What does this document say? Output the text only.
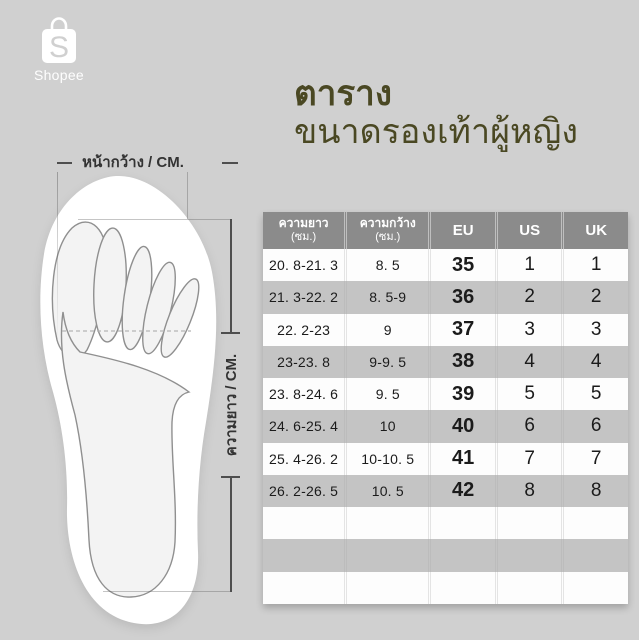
S
Shopee	ตาราง
ขนาดรองเท้าผู้หญิง
หน้ากว้าง / CM.
ความยาว / CM.
ความยาว
(ซม.)
ความกว้าง
(ซม.)	EU	US	UK
20. 8-21. 3	8. 5	35	1	1
21. 3-22. 2	8. 5-9	36	2	2
22. 2-23	9	37	3	3
23-23. 8	9-9. 5	38	4	4
23. 8-24. 6	9. 5	39	5	5
24. 6-25. 4	10	40	6	6
25. 4-26. 2	10-10. 5	41	7	7
26. 2-26. 5	10. 5	42	8	8
